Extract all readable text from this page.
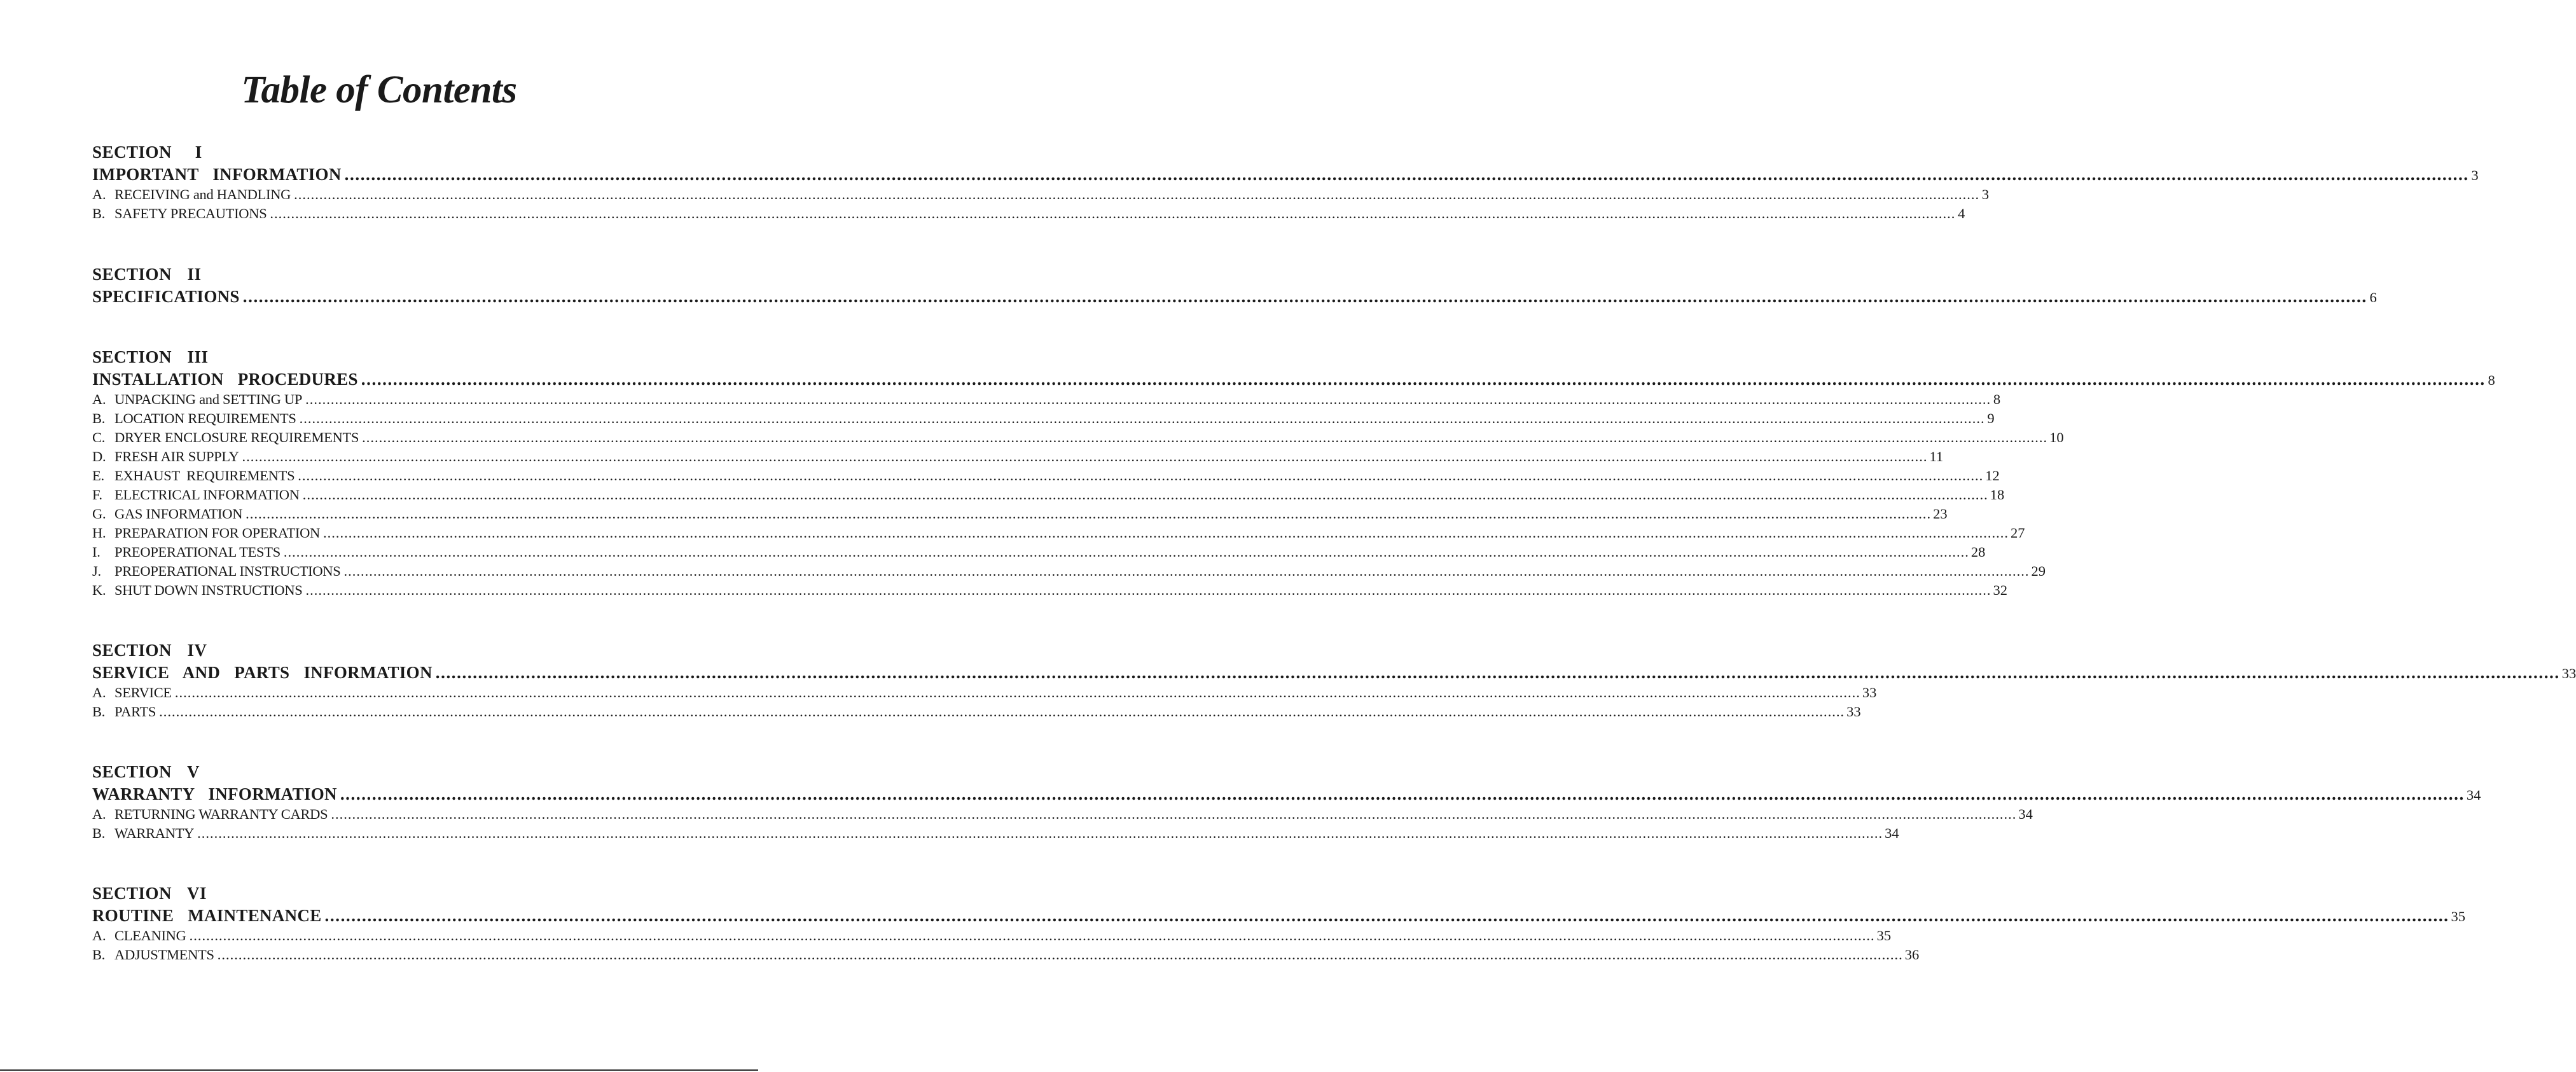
Table of Contents
SECTION   I
IMPORTANT  INFORMATION ................................................................................................................................................................................................................................................................................................................................................................................................................ 3
A. RECEIVING and HANDLING ................................................................................................................................................................................................................................................................................................................................................................................................................ 3
B. SAFETY PRECAUTIONS ................................................................................................................................................................................................................................................................................................................................................................................................................ 4
SECTION  II
SPECIFICATIONS ................................................................................................................................................................................................................................................................................................................................................................................................................ 6
SECTION  III
INSTALLATION  PROCEDURES ................................................................................................................................................................................................................................................................................................................................................................................................................ 8
A. UNPACKING and SETTING UP ................................................................................................................................................................................................................................................................................................................................................................................................................ 8
B. LOCATION REQUIREMENTS ................................................................................................................................................................................................................................................................................................................................................................................................................ 9
C. DRYER ENCLOSURE REQUIREMENTS ................................................................................................................................................................................................................................................................................................................................................................................................................ 10
D. FRESH AIR SUPPLY ................................................................................................................................................................................................................................................................................................................................................................................................................ 11
E. EXHAUST  REQUIREMENTS ................................................................................................................................................................................................................................................................................................................................................................................................................ 12
F. ELECTRICAL INFORMATION ................................................................................................................................................................................................................................................................................................................................................................................................................ 18
G. GAS INFORMATION ................................................................................................................................................................................................................................................................................................................................................................................................................ 23
H. PREPARATION FOR OPERATION ................................................................................................................................................................................................................................................................................................................................................................................................................ 27
I. PREOPERATIONAL TESTS ................................................................................................................................................................................................................................................................................................................................................................................................................ 28
J. PREOPERATIONAL INSTRUCTIONS ................................................................................................................................................................................................................................................................................................................................................................................................................ 29
K. SHUT DOWN INSTRUCTIONS ................................................................................................................................................................................................................................................................................................................................................................................................................ 32
SECTION  IV
SERVICE  AND  PARTS  INFORMATION ................................................................................................................................................................................................................................................................................................................................................................................................................ 33
A. SERVICE ................................................................................................................................................................................................................................................................................................................................................................................................................ 33
B. PARTS ................................................................................................................................................................................................................................................................................................................................................................................................................ 33
SECTION  V
WARRANTY  INFORMATION ................................................................................................................................................................................................................................................................................................................................................................................................................ 34
A. RETURNING WARRANTY CARDS ................................................................................................................................................................................................................................................................................................................................................................................................................ 34
B. WARRANTY ................................................................................................................................................................................................................................................................................................................................................................................................................ 34
SECTION  VI
ROUTINE  MAINTENANCE ................................................................................................................................................................................................................................................................................................................................................................................................................ 35
A. CLEANING ................................................................................................................................................................................................................................................................................................................................................................................................................ 35
B. ADJUSTMENTS ................................................................................................................................................................................................................................................................................................................................................................................................................ 36
